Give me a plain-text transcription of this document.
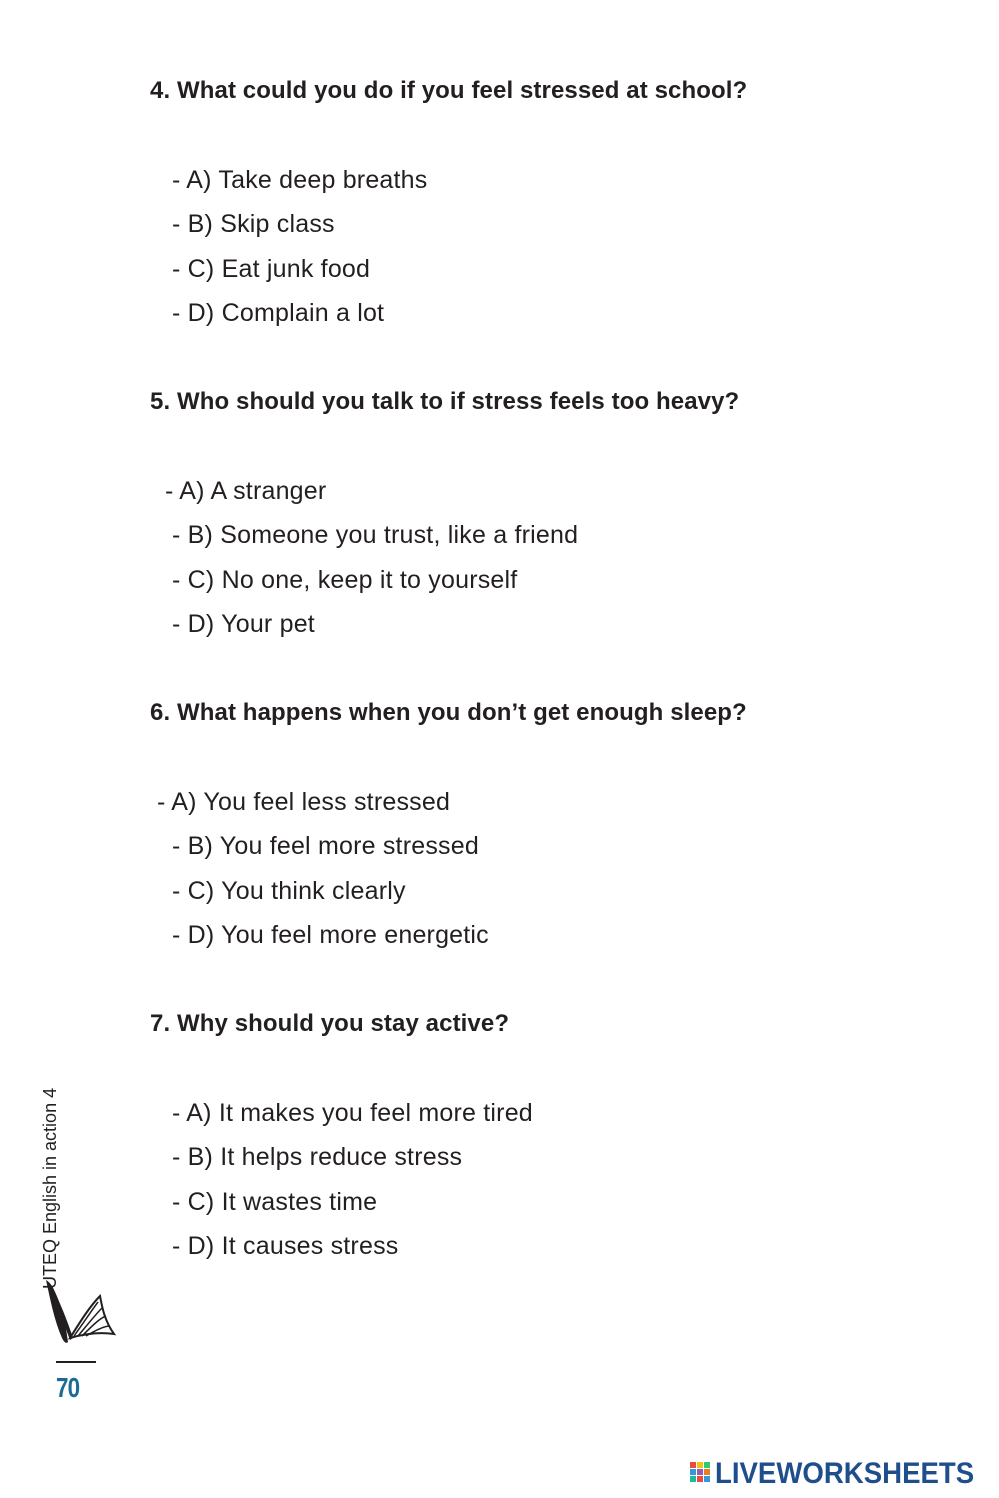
4. What could you do if you feel stressed at school?
- A) Take deep breaths
- B) Skip class
- C) Eat junk food
- D) Complain a lot
5. Who should you talk to if stress feels too heavy?
- A) A stranger
- B) Someone you trust, like a friend
- C) No one, keep it to yourself
- D) Your pet
6. What happens when you don’t get enough sleep?
- A) You feel less stressed
- B) You feel more stressed
- C) You think clearly
- D) You feel more energetic
7. Why should you stay active?
- A) It makes you feel more tired
- B) It helps reduce stress
- C) It wastes time
- D) It causes stress
UTEQ English in action 4
70
LIVEWORKSHEETS
